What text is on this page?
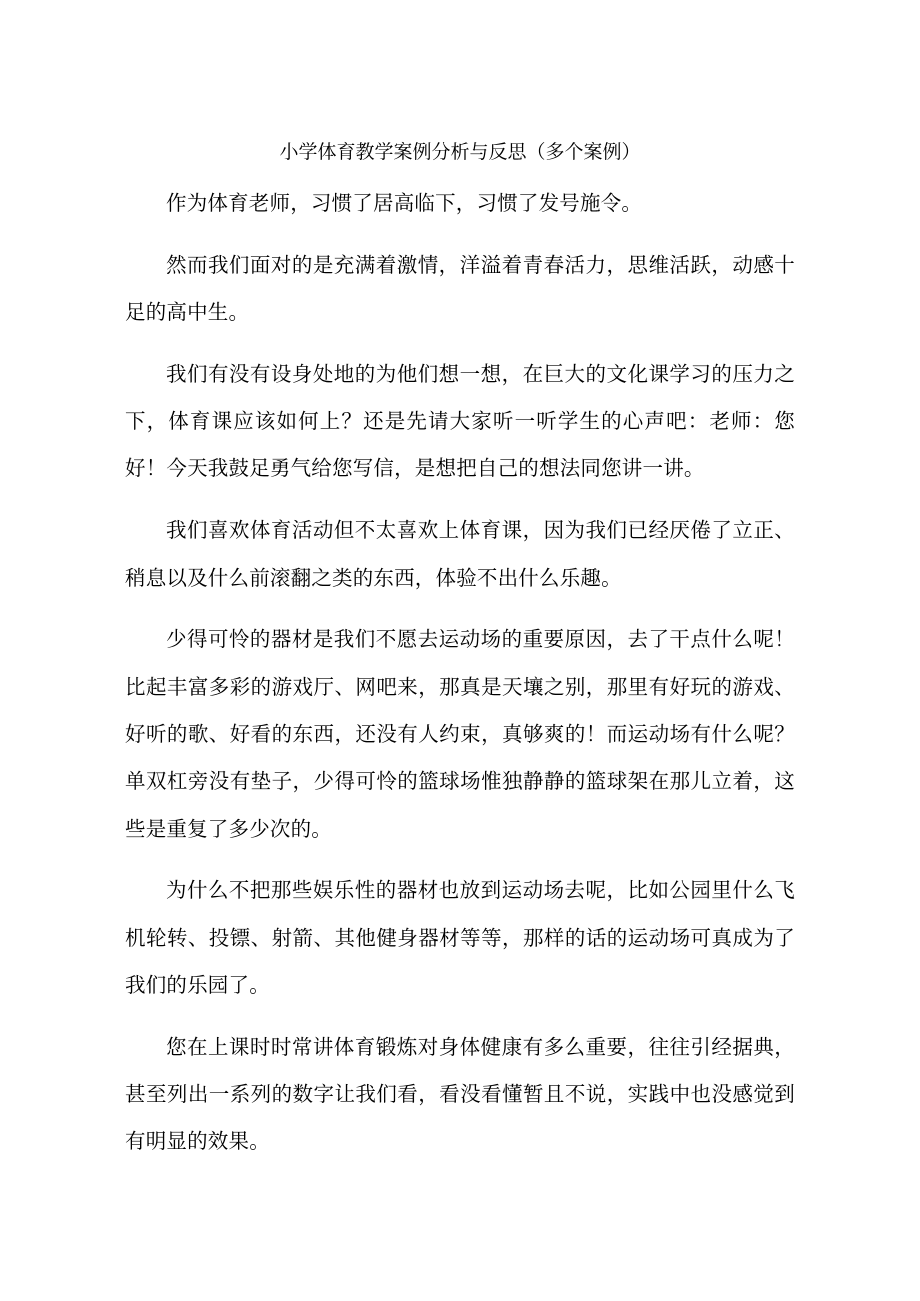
小学体育教学案例分析与反思（多个案例）

作为体育老师，习惯了居高临下，习惯了发号施令。

然而我们面对的是充满着激情，洋溢着青春活力，思维活跃，动感十足的高中生。

我们有没有设身处地的为他们想一想，在巨大的文化课学习的压力之下，体育课应该如何上？还是先请大家听一听学生的心声吧：老师：您好！今天我鼓足勇气给您写信，是想把自己的想法同您讲一讲。

我们喜欢体育活动但不太喜欢上体育课，因为我们已经厌倦了立正、稍息以及什么前滚翻之类的东西，体验不出什么乐趣。

少得可怜的器材是我们不愿去运动场的重要原因，去了干点什么呢！比起丰富多彩的游戏厅、网吧来，那真是天壤之别，那里有好玩的游戏、好听的歌、好看的东西，还没有人约束，真够爽的！而运动场有什么呢？单双杠旁没有垫子，少得可怜的篮球场惟独静静的篮球架在那儿立着，这些是重复了多少次的。

为什么不把那些娱乐性的器材也放到运动场去呢，比如公园里什么飞机轮转、投镖、射箭、其他健身器材等等，那样的话的运动场可真成为了我们的乐园了。

您在上课时时常讲体育锻炼对身体健康有多么重要，往往引经据典，甚至列出一系列的数字让我们看，看没看懂暂且不说，实践中也没感觉到有明显的效果。
